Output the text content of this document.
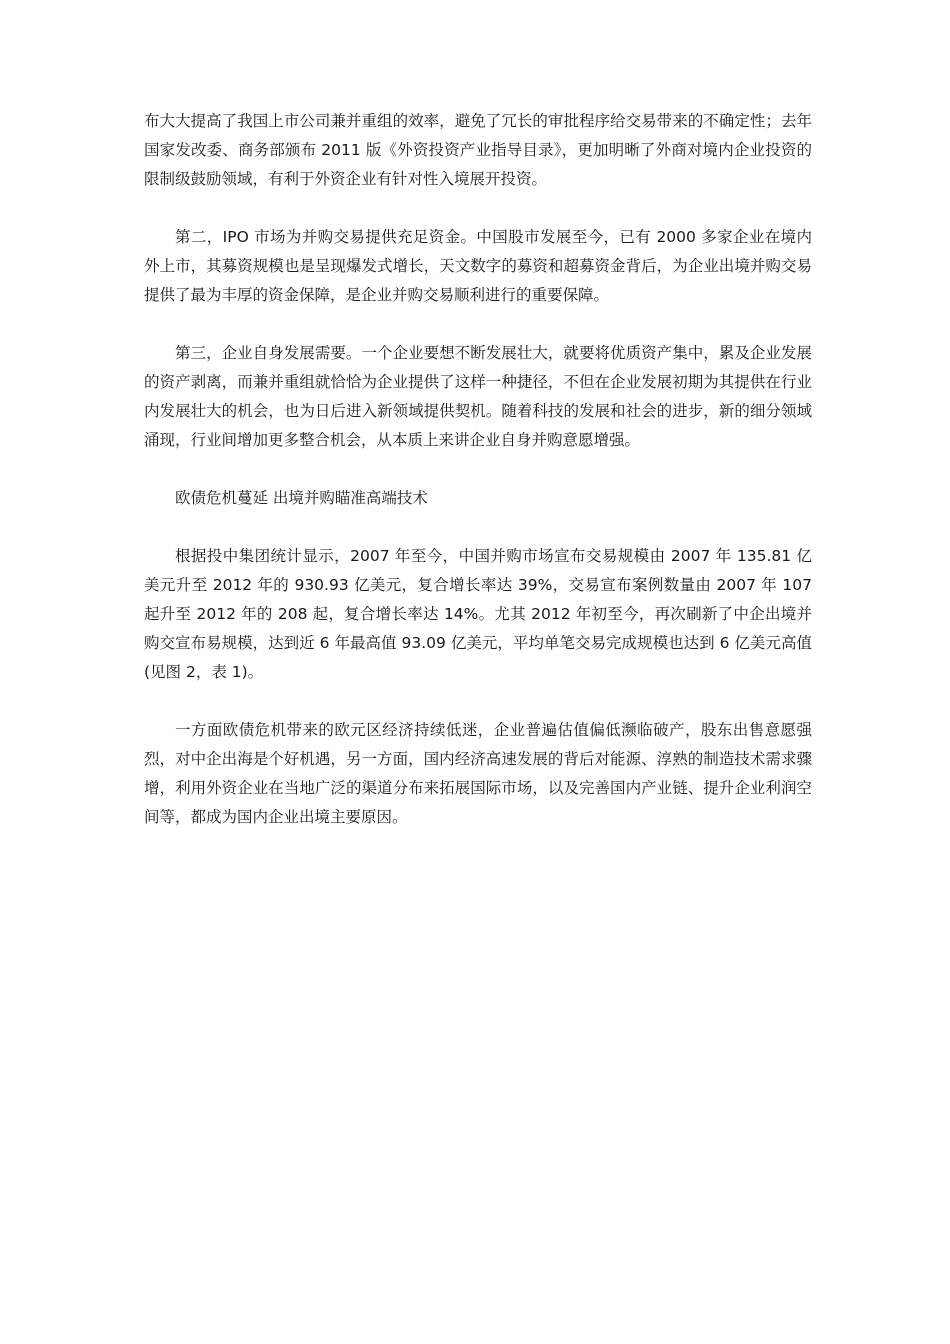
布大大提高了我国上市公司兼并重组的效率，避免了冗长的审批程序给交易带来的不确定性；去年国家发改委、商务部颁布 2011 版《外资投资产业指导目录》，更加明晰了外商对境内企业投资的限制级鼓励领域，有利于外资企业有针对性入境展开投资。

第二，IPO 市场为并购交易提供充足资金。中国股市发展至今，已有 2000 多家企业在境内外上市，其募资规模也是呈现爆发式增长，天文数字的募资和超募资金背后，为企业出境并购交易提供了最为丰厚的资金保障，是企业并购交易顺利进行的重要保障。

第三，企业自身发展需要。一个企业要想不断发展壮大，就要将优质资产集中，累及企业发展的资产剥离，而兼并重组就恰恰为企业提供了这样一种捷径，不但在企业发展初期为其提供在行业内发展壮大的机会，也为日后进入新领域提供契机。随着科技的发展和社会的进步，新的细分领域涌现，行业间增加更多整合机会，从本质上来讲企业自身并购意愿增强。

欧债危机蔓延 出境并购瞄准高端技术

根据投中集团统计显示，2007 年至今，中国并购市场宣布交易规模由 2007 年 135.81 亿美元升至 2012 年的 930.93 亿美元，复合增长率达 39%，交易宣布案例数量由 2007 年 107 起升至 2012 年的 208 起，复合增长率达 14%。尤其 2012 年初至今，再次刷新了中企出境并购交宣布易规模，达到近 6 年最高值 93.09 亿美元，平均单笔交易完成规模也达到 6 亿美元高值(见图 2，表 1)。

一方面欧债危机带来的欧元区经济持续低迷，企业普遍估值偏低濒临破产，股东出售意愿强烈，对中企出海是个好机遇，另一方面，国内经济高速发展的背后对能源、淳熟的制造技术需求骤增，利用外资企业在当地广泛的渠道分布来拓展国际市场，以及完善国内产业链、提升企业利润空间等，都成为国内企业出境主要原因。
